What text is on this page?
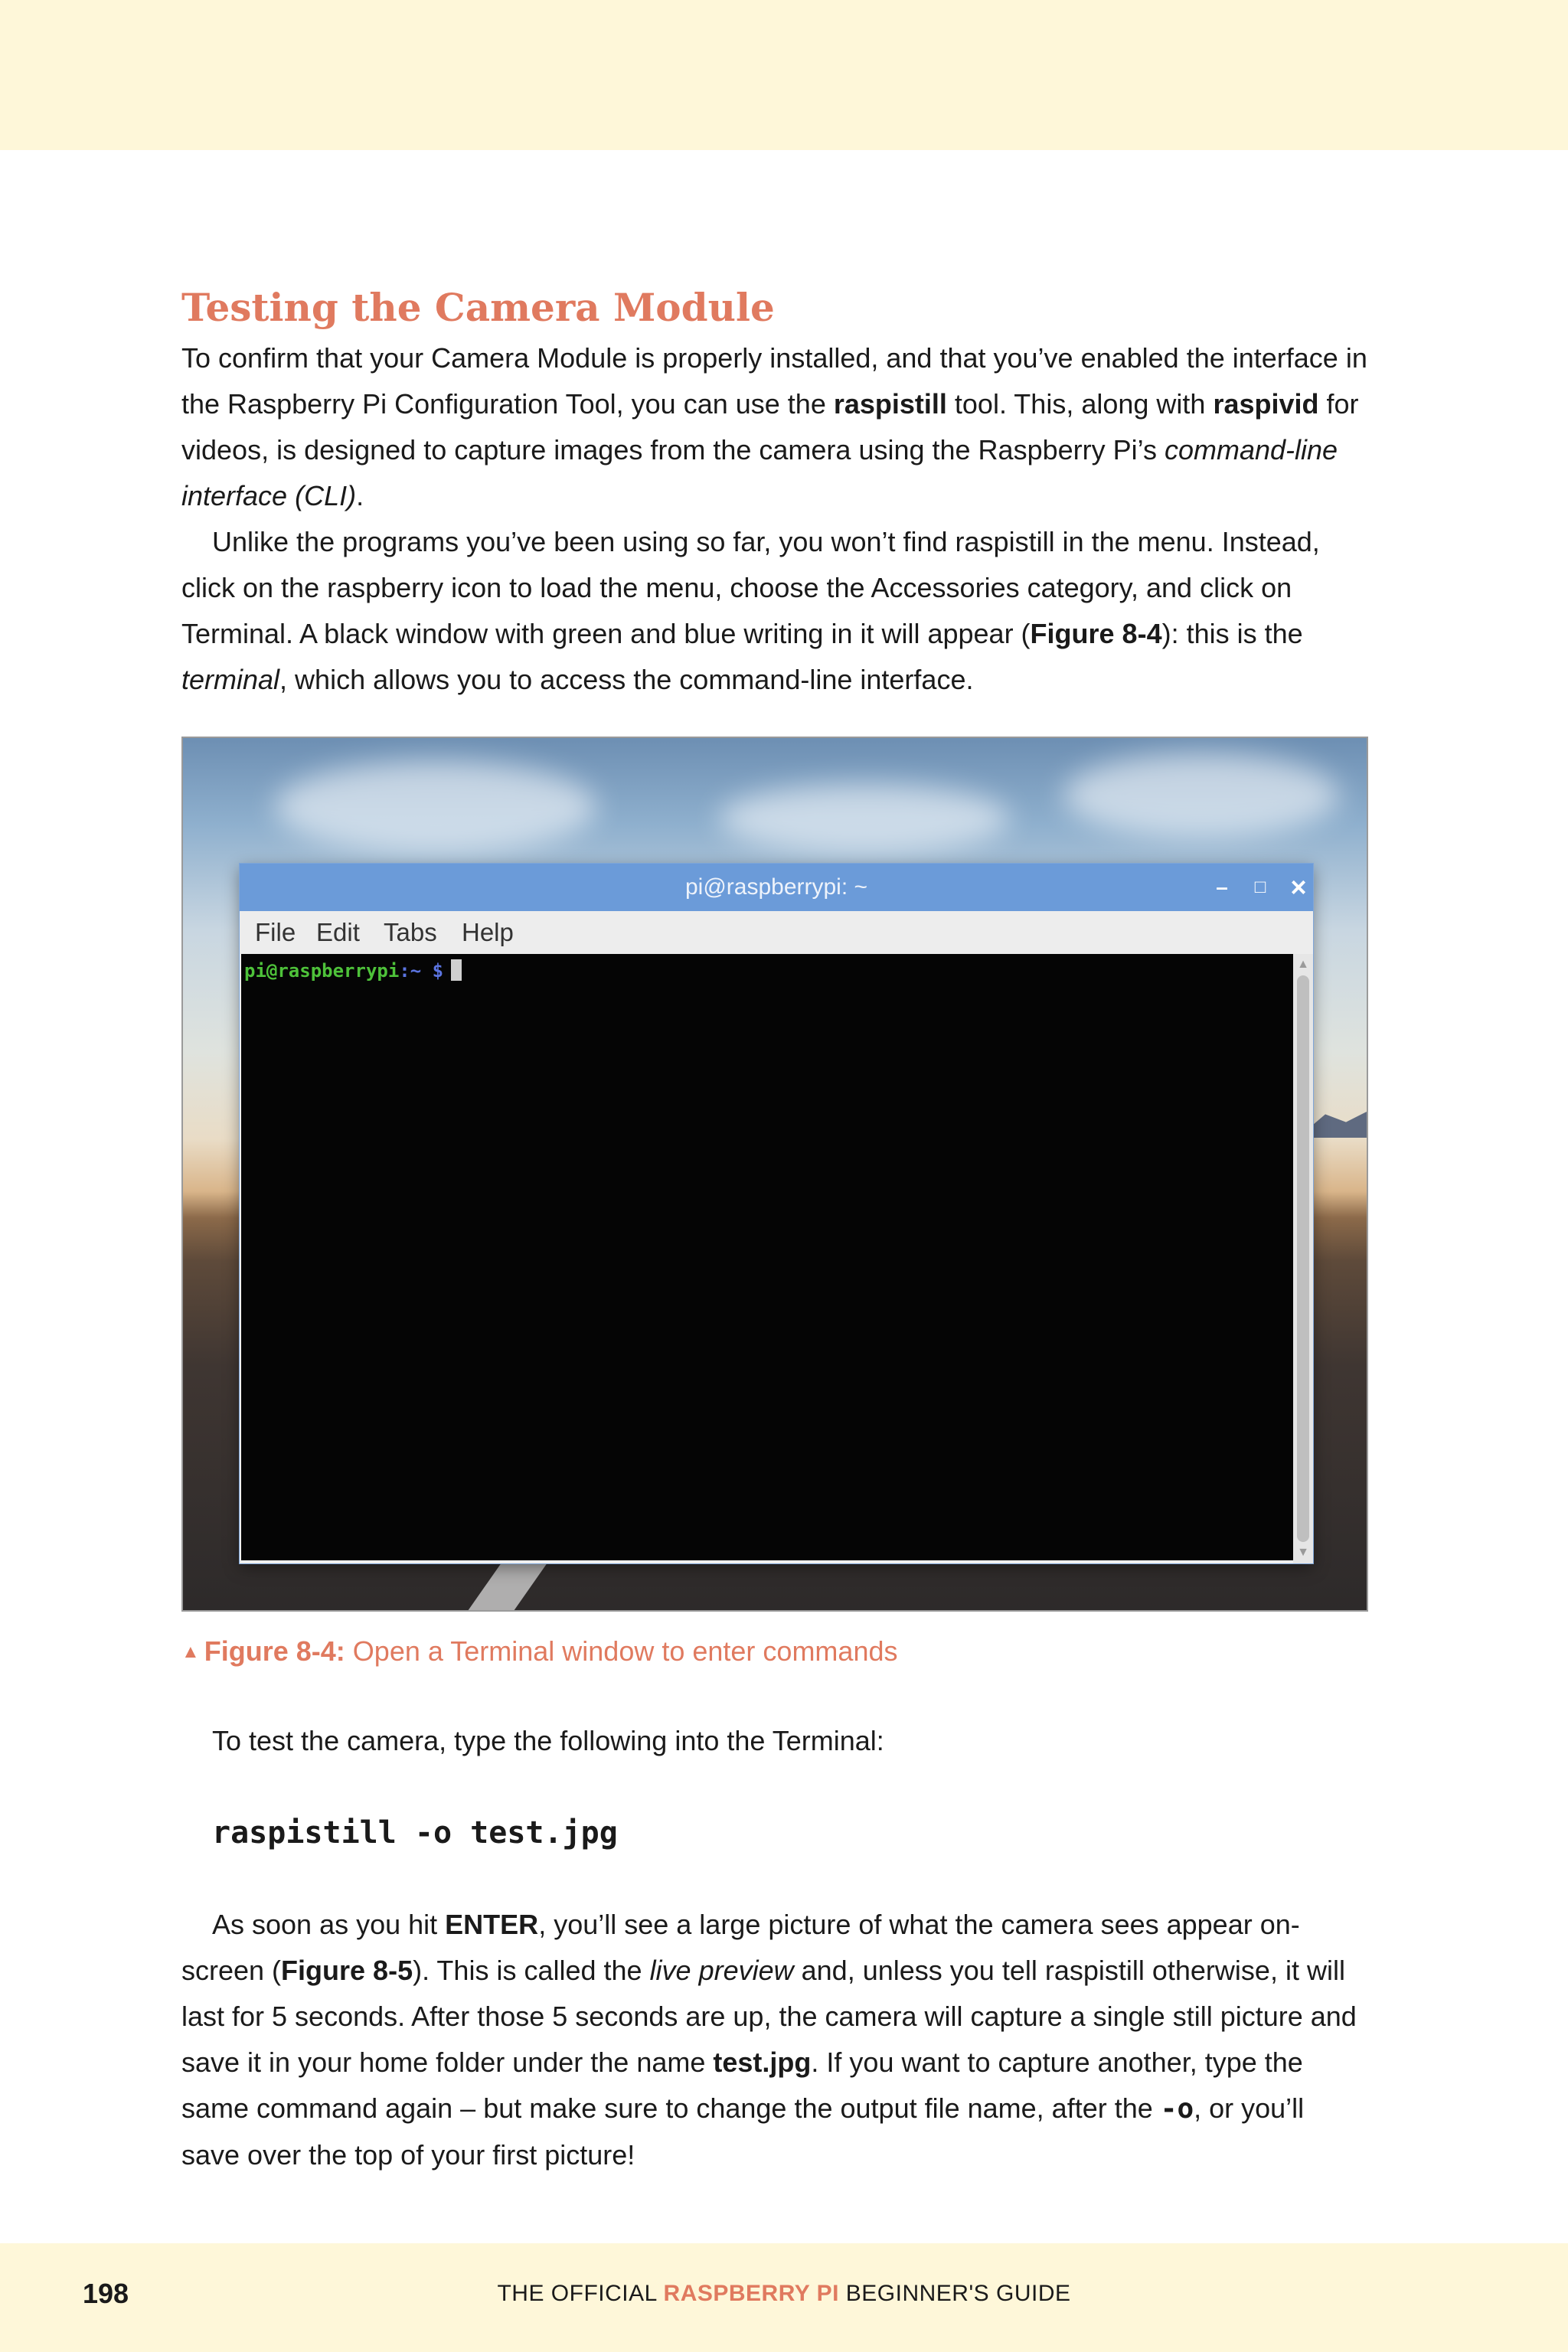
Testing the Camera Module

To confirm that your Camera Module is properly installed, and that you’ve enabled the interface in the Raspberry Pi Configuration Tool, you can use the raspistill tool. This, along with raspivid for videos, is designed to capture images from the camera using the Raspberry Pi’s command-line interface (CLI).

Unlike the programs you’ve been using so far, you won’t find raspistill in the menu. Instead, click on the raspberry icon to load the menu, choose the Accessories category, and click on Terminal. A black window with green and blue writing in it will appear (Figure 8-4): this is the terminal, which allows you to access the command-line interface.

pi@raspberrypi: ~	–	□ ×
File Edit Tabs Help
pi@raspberrypi:~ $	▲
▼
▲ Figure 8-4: Open a Terminal window to enter commands

To test the camera, type the following into the Terminal:

raspistill -o test.jpg

As soon as you hit ENTER, you’ll see a large picture of what the camera sees appear on-screen (Figure 8-5). This is called the live preview and, unless you tell raspistill otherwise, it will last for 5 seconds. After those 5 seconds are up, the camera will capture a single still picture and save it in your home folder under the name test.jpg. If you want to capture another, type the same command again – but make sure to change the output file name, after the -o, or you’ll save over the top of your first picture!

198	THE OFFICIAL RASPBERRY PI BEGINNER'S GUIDE
